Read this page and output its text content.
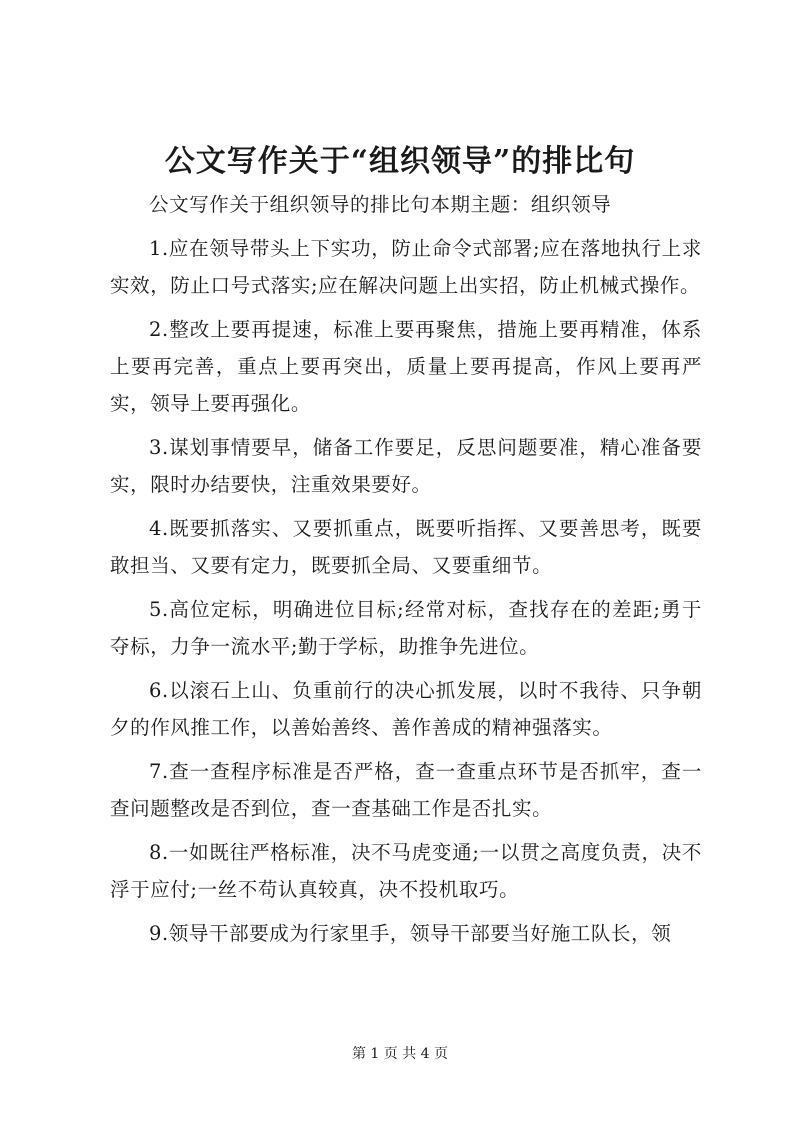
公文写作关于“组织领导”的排比句

公文写作关于组织领导的排比句本期主题：组织领导

1.应在领导带头上下实功，防止命令式部署;应在落地执行上求实效，防止口号式落实;应在解决问题上出实招，防止机械式操作。

2.整改上要再提速，标准上要再聚焦，措施上要再精准，体系上要再完善，重点上要再突出，质量上要再提高，作风上要再严实，领导上要再强化。

3.谋划事情要早，储备工作要足，反思问题要准，精心准备要实，限时办结要快，注重效果要好。

4.既要抓落实、又要抓重点，既要听指挥、又要善思考，既要敢担当、又要有定力，既要抓全局、又要重细节。

5.高位定标，明确进位目标;经常对标，查找存在的差距;勇于夺标，力争一流水平;勤于学标，助推争先进位。

6.以滚石上山、负重前行的决心抓发展，以时不我待、只争朝夕的作风推工作，以善始善终、善作善成的精神强落实。

7.查一查程序标准是否严格，查一查重点环节是否抓牢，查一查问题整改是否到位，查一查基础工作是否扎实。

8.一如既往严格标准，决不马虎变通;一以贯之高度负责，决不浮于应付;一丝不苟认真较真，决不投机取巧。

9.领导干部要成为行家里手，领导干部要当好施工队长，领

第 1 页 共 4 页
